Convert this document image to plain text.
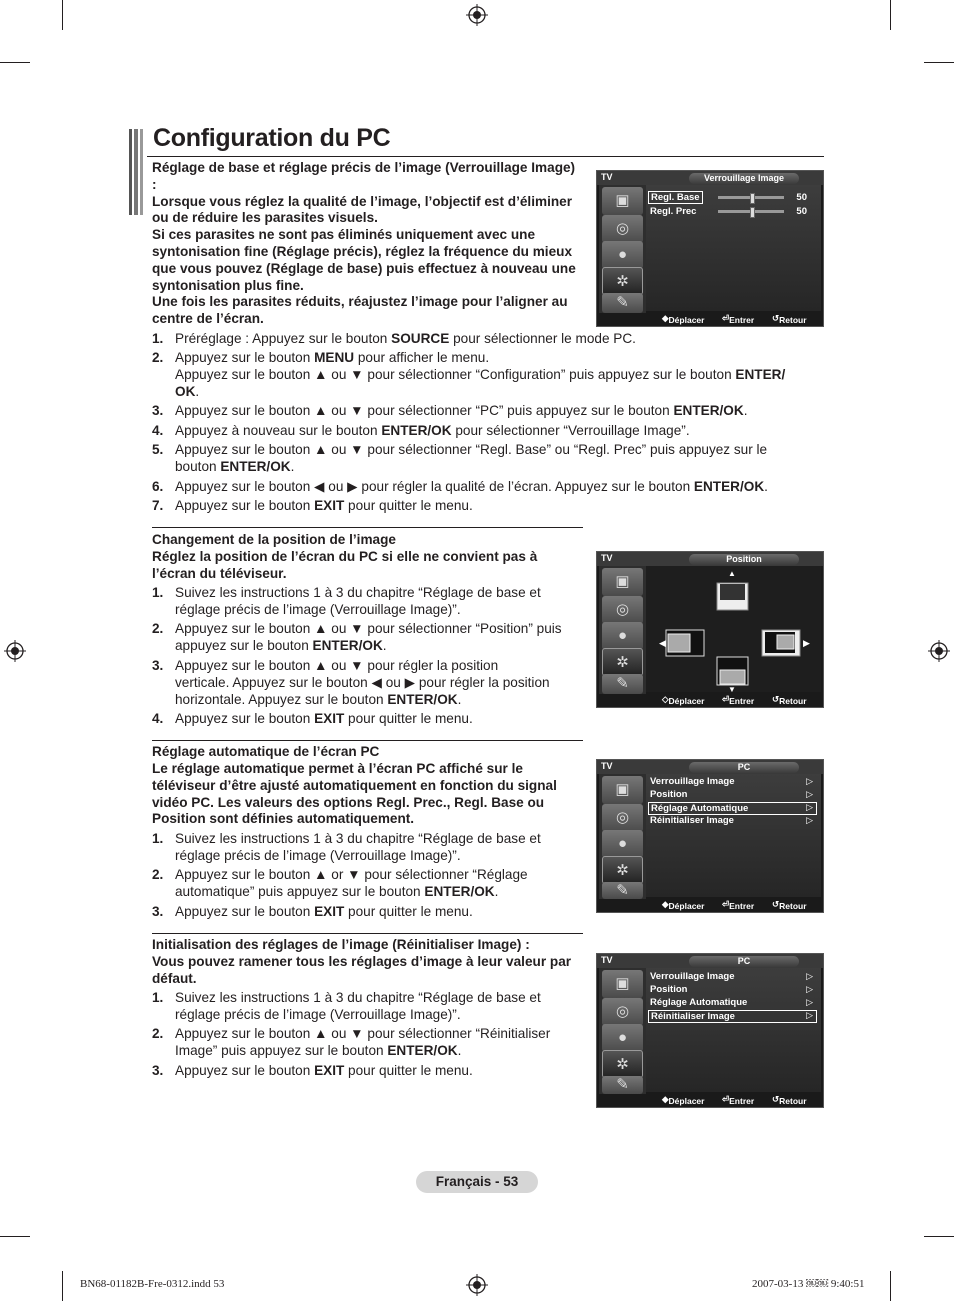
Configuration du PC
Réglage de base et réglage précis de l’image (Verrouillage Image) :
Lorsque vous réglez la qualité de l’image, l’objectif est d’éliminer ou de réduire les parasites visuels.
Si ces parasites ne sont pas éliminés uniquement avec une syntonisation fine (Réglage précis), réglez la fréquence du mieux que vous pouvez (Réglage de base) puis effectuez à nouveau une syntonisation plus fine.
Une fois les parasites réduits, réajustez l’image pour l’aligner au centre de l’écran.
1. Préréglage : Appuyez sur le bouton SOURCE pour sélectionner le mode PC.
2. Appuyez sur le bouton MENU pour afficher le menu.
Appuyez sur le bouton ▲ ou ▼ pour sélectionner “Configuration” puis appuyez sur le bouton ENTER/
OK.
3. Appuyez sur le bouton ▲ ou ▼ pour sélectionner “PC” puis appuyez sur le bouton ENTER/OK.
4. Appuyez à nouveau sur le bouton ENTER/OK pour sélectionner “Verrouillage Image”.
5. Appuyez sur le bouton ▲ ou ▼ pour sélectionner “Regl. Base” ou “Regl. Prec” puis appuyez sur le
bouton ENTER/OK.
6. Appuyez sur le bouton ◀ ou ▶ pour régler la qualité de l’écran. Appuyez sur le bouton ENTER/OK.
7. Appuyez sur le bouton EXIT pour quitter le menu.
TV	Verrouillage Image
▣
◎
●
✲
✎
Regl. Base	50
Regl. Prec	50
◆ Déplacer ⏎ Entrer ↺ Retour
Changement de la position de l’image
Réglez la position de l’écran du PC si elle ne convient pas à l’écran du téléviseur.
1. Suivez les instructions 1 à 3 du chapitre “Réglage de base et
réglage précis de l’image (Verrouillage Image)”.
2. Appuyez sur le bouton ▲ ou ▼ pour sélectionner “Position” puis
appuyez sur le bouton ENTER/OK.
3. Appuyez sur le bouton ▲ ou ▼ pour régler la position
verticale. Appuyez sur le bouton ◀ ou ▶ pour régler la position
horizontale. Appuyez sur le bouton ENTER/OK.
4. Appuyez sur le bouton EXIT pour quitter le menu.
TV	Position
▣
◎
●
✲
✎
▲
◀	▶
▼
◇ Déplacer ⏎ Entrer ↺ Retour
Réglage automatique de l’écran PC
Le réglage automatique permet à l’écran PC affiché sur le téléviseur d’être ajusté automatiquement en fonction du signal vidéo PC. Les valeurs des options Regl. Prec., Regl. Base ou Position sont définies automatiquement.
1. Suivez les instructions 1 à 3 du chapitre “Réglage de base et
réglage précis de l’image (Verrouillage Image)”.
2. Appuyez sur le bouton ▲ or ▼ pour sélectionner “Réglage
automatique” puis appuyez sur le bouton ENTER/OK.
3. Appuyez sur le bouton EXIT pour quitter le menu.
TV	PC
▣
◎
●
✲
✎
Verrouillage Image	▷
Position	▷
Réglage Automatique	▷
Réinitialiser Image	▷
◆ Déplacer ⏎ Entrer ↺ Retour
Initialisation des réglages de l’image (Réinitialiser Image) :
Vous pouvez ramener tous les réglages d’image à leur valeur par défaut.
1. Suivez les instructions 1 à 3 du chapitre “Réglage de base et
réglage précis de l’image (Verrouillage Image)”.
2. Appuyez sur le bouton ▲ ou ▼ pour sélectionner “Réinitialiser
Image” puis appuyez sur le bouton ENTER/OK.
3. Appuyez sur le bouton EXIT pour quitter le menu.
TV	PC
▣
◎
●
✲
✎
Verrouillage Image	▷
Position	▷
Réglage Automatique	▷
Réinitialiser Image	▷
◆ Déplacer ⏎ Entrer ↺ Retour
Français - 53
BN68-01182B-Fre-0312.indd 53	2007-03-13 ￼￼ 9:40:51
